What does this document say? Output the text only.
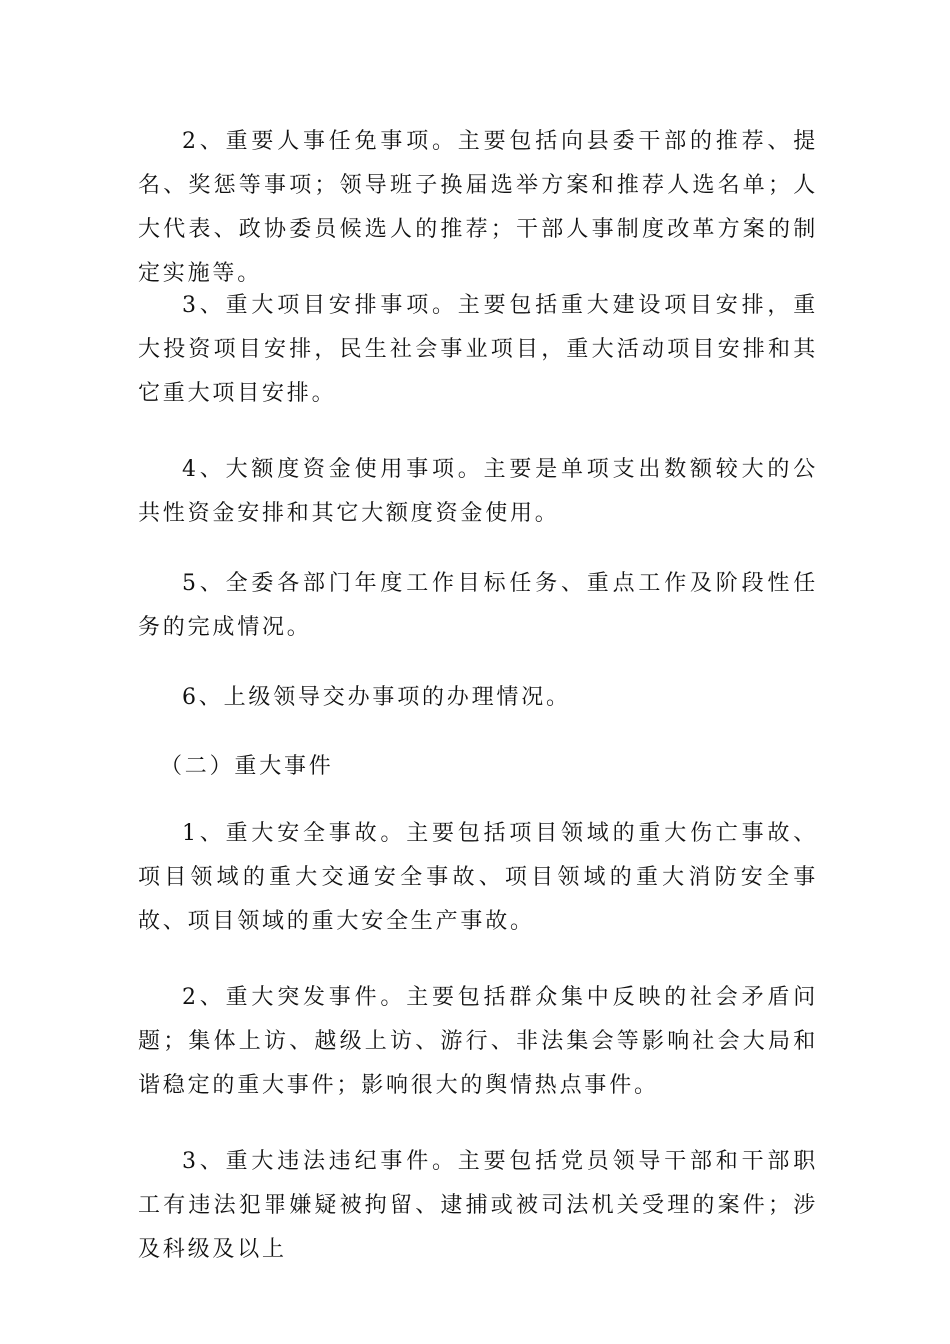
2、重要人事任免事项。主要包括向县委干部的推荐、提名、奖惩等事项；领导班子换届选举方案和推荐人选名单；人大代表、政协委员候选人的推荐；干部人事制度改革方案的制定实施等。

3、重大项目安排事项。主要包括重大建设项目安排，重大投资项目安排，民生社会事业项目，重大活动项目安排和其它重大项目安排。

4、大额度资金使用事项。主要是单项支出数额较大的公共性资金安排和其它大额度资金使用。

5、全委各部门年度工作目标任务、重点工作及阶段性任务的完成情况。

6、上级领导交办事项的办理情况。

（二）重大事件

1、重大安全事故。主要包括项目领域的重大伤亡事故、项目领域的重大交通安全事故、项目领域的重大消防安全事故、项目领域的重大安全生产事故。

2、重大突发事件。主要包括群众集中反映的社会矛盾问题；集体上访、越级上访、游行、非法集会等影响社会大局和谐稳定的重大事件；影响很大的舆情热点事件。

3、重大违法违纪事件。主要包括党员领导干部和干部职工有违法犯罪嫌疑被拘留、逮捕或被司法机关受理的案件；涉及科级及以上
